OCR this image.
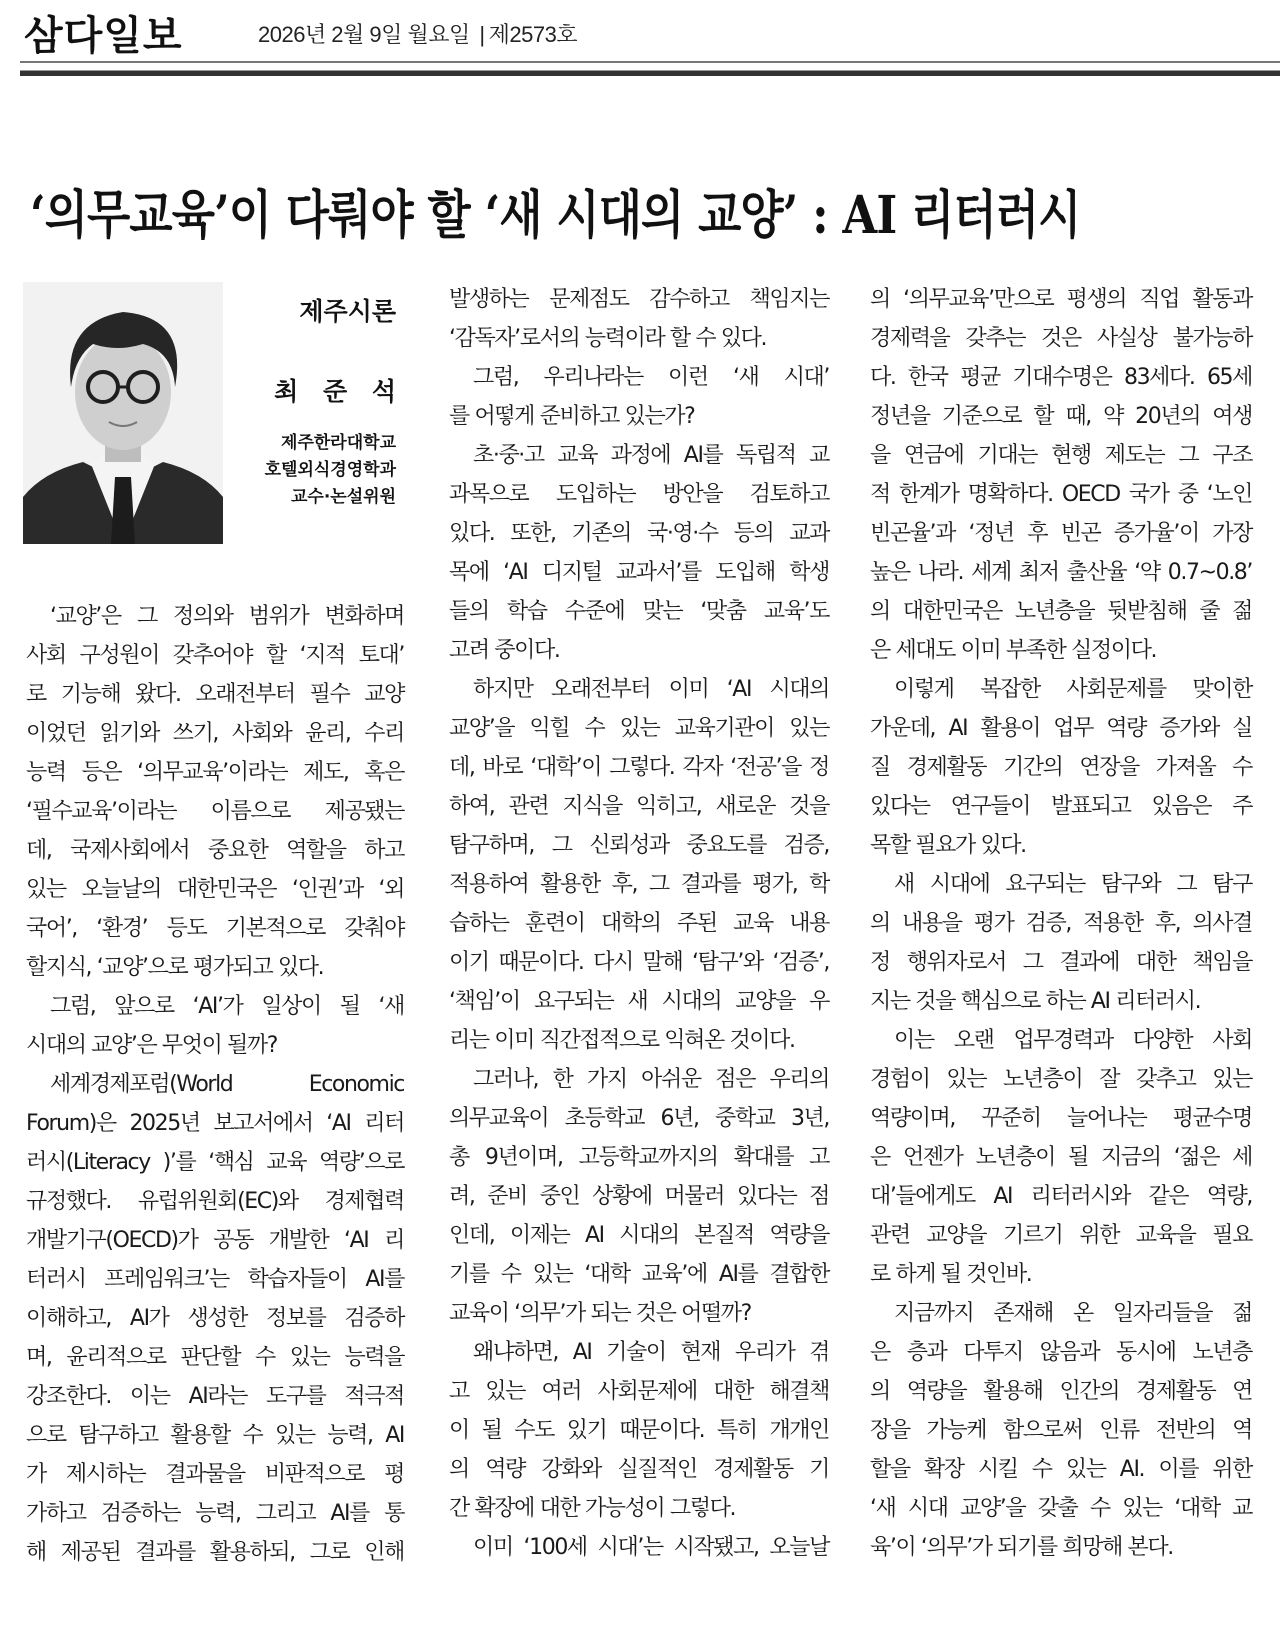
삼다일보	2026년 2월 9일 월요일 | 제2573호
‘의무교육’이 다뤄야 할 ‘새 시대의 교양’ : AI 리터러시
제주시론
최 준 석
제주한라대학교
호텔외식경영학과
교수·논설위원
‘교양’은 그 정의와 범위가 변화하며
사회 구성원이 갖추어야 할 ‘지적 토대’
로 기능해 왔다. 오래전부터 필수 교양
이었던 읽기와 쓰기, 사회와 윤리, 수리
능력 등은 ‘의무교육’이라는 제도, 혹은
‘필수교육’이라는 이름으로 제공됐는
데, 국제사회에서 중요한 역할을 하고
있는 오늘날의 대한민국은 ‘인권’과 ‘외
국어’, ‘환경’ 등도 기본적으로 갖춰야
할지식, ‘교양’으로 평가되고 있다.
그럼, 앞으로 ‘AI’가 일상이 될 ‘새
시대의 교양’은 무엇이 될까?
세계경제포럼(World Economic
Forum)은 2025년 보고서에서 ‘AI 리터
러시(Literacy )’를 ‘핵심 교육 역량’으로
규정했다. 유럽위원회(EC)와 경제협력
개발기구(OECD)가 공동 개발한 ‘AI 리
터러시 프레임워크’는 학습자들이 AI를
이해하고, AI가 생성한 정보를 검증하
며, 윤리적으로 판단할 수 있는 능력을
강조한다. 이는 AI라는 도구를 적극적
으로 탐구하고 활용할 수 있는 능력, AI
가 제시하는 결과물을 비판적으로 평
가하고 검증하는 능력, 그리고 AI를 통
해 제공된 결과를 활용하되, 그로 인해
발생하는 문제점도 감수하고 책임지는
‘감독자’로서의 능력이라 할 수 있다.
그럼, 우리나라는 이런 ‘새 시대’
를 어떻게 준비하고 있는가?
초·중·고 교육 과정에 AI를 독립적 교
과목으로 도입하는 방안을 검토하고
있다. 또한, 기존의 국·영·수 등의 교과
목에 ‘AI 디지털 교과서’를 도입해 학생
들의 학습 수준에 맞는 ‘맞춤 교육’도
고려 중이다.
하지만 오래전부터 이미 ‘AI 시대의
교양’을 익힐 수 있는 교육기관이 있는
데, 바로 ‘대학’이 그렇다. 각자 ‘전공’을 정
하여, 관련 지식을 익히고, 새로운 것을
탐구하며, 그 신뢰성과 중요도를 검증,
적용하여 활용한 후, 그 결과를 평가, 학
습하는 훈련이 대학의 주된 교육 내용
이기 때문이다. 다시 말해 ‘탐구’와 ‘검증’,
‘책임’이 요구되는 새 시대의 교양을 우
리는 이미 직간접적으로 익혀온 것이다.
그러나, 한 가지 아쉬운 점은 우리의
의무교육이 초등학교 6년, 중학교 3년,
총 9년이며, 고등학교까지의 확대를 고
려, 준비 중인 상황에 머물러 있다는 점
인데, 이제는 AI 시대의 본질적 역량을
기를 수 있는 ‘대학 교육’에 AI를 결합한
교육이 ‘의무’가 되는 것은 어떨까?
왜냐하면, AI 기술이 현재 우리가 겪
고 있는 여러 사회문제에 대한 해결책
이 될 수도 있기 때문이다. 특히 개개인
의 역량 강화와 실질적인 경제활동 기
간 확장에 대한 가능성이 그렇다.
이미 ‘100세 시대’는 시작됐고, 오늘날
의 ‘의무교육’만으로 평생의 직업 활동과
경제력을 갖추는 것은 사실상 불가능하
다. 한국 평균 기대수명은 83세다. 65세
정년을 기준으로 할 때, 약 20년의 여생
을 연금에 기대는 현행 제도는 그 구조
적 한계가 명확하다. OECD 국가 중 ‘노인
빈곤율’과 ‘정년 후 빈곤 증가율’이 가장
높은 나라. 세계 최저 출산율 ‘약 0.7~0.8’
의 대한민국은 노년층을 뒷받침해 줄 젊
은 세대도 이미 부족한 실정이다.
이렇게 복잡한 사회문제를 맞이한
가운데, AI 활용이 업무 역량 증가와 실
질 경제활동 기간의 연장을 가져올 수
있다는 연구들이 발표되고 있음은 주
목할 필요가 있다.
새 시대에 요구되는 탐구와 그 탐구
의 내용을 평가 검증, 적용한 후, 의사결
정 행위자로서 그 결과에 대한 책임을
지는 것을 핵심으로 하는 AI 리터러시.
이는 오랜 업무경력과 다양한 사회
경험이 있는 노년층이 잘 갖추고 있는
역량이며, 꾸준히 늘어나는 평균수명
은 언젠가 노년층이 될 지금의 ‘젊은 세
대’들에게도 AI 리터러시와 같은 역량,
관련 교양을 기르기 위한 교육을 필요
로 하게 될 것인바.
지금까지 존재해 온 일자리들을 젊
은 층과 다투지 않음과 동시에 노년층
의 역량을 활용해 인간의 경제활동 연
장을 가능케 함으로써 인류 전반의 역
할을 확장 시킬 수 있는 AI. 이를 위한
‘새 시대 교양’을 갖출 수 있는 ‘대학 교
육’이 ‘의무’가 되기를 희망해 본다.
